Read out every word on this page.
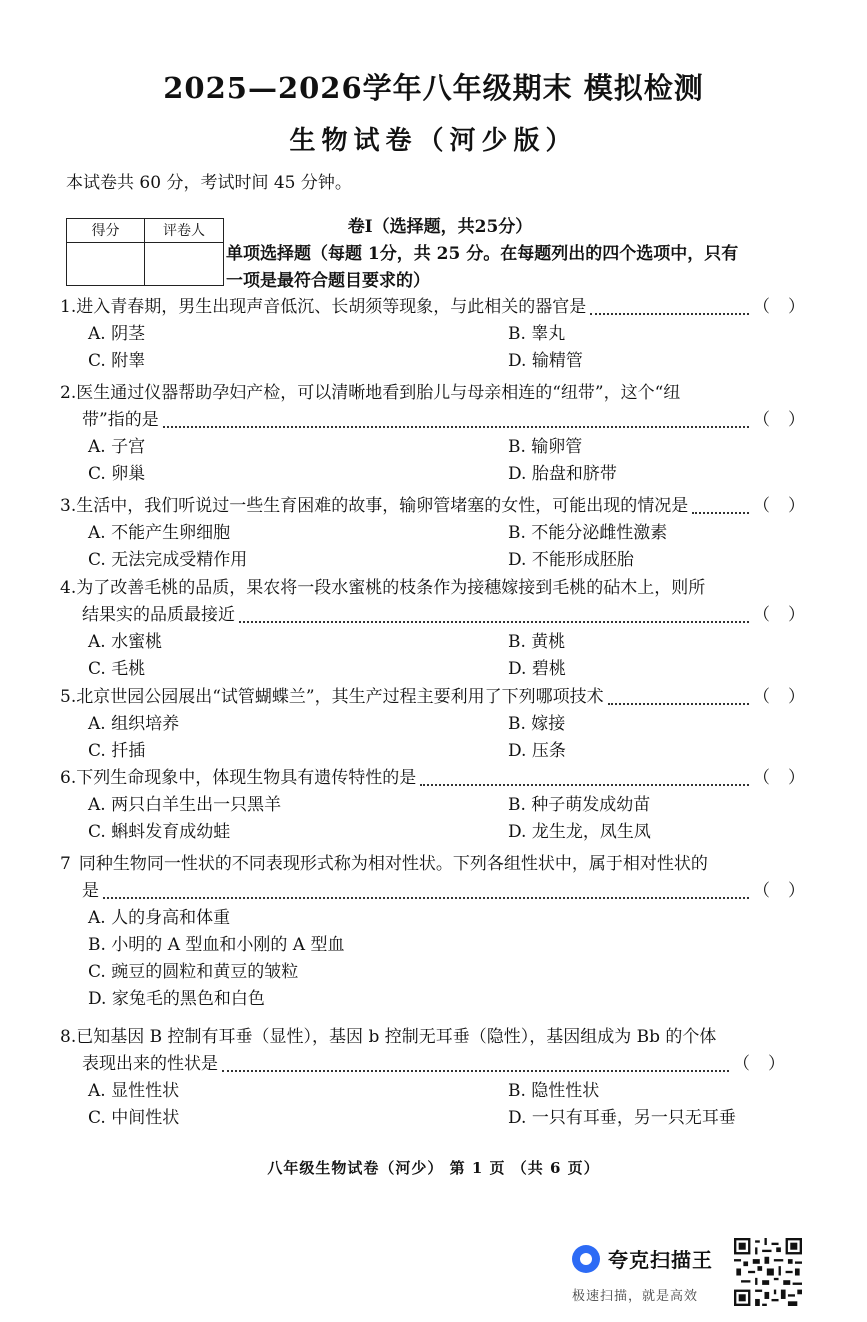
2025—2026学年八年级期末 模拟检测
生物试卷（河少版）
本试卷共 60 分，考试时间 45 分钟。
得分	评卷人	卷Ⅰ（选择题，共25分）
单项选择题（每题 1分，共 25 分。在每题列出的四个选项中，只有
一项是最符合题目要求的）
1. 进入青春期，男生出现声音低沉、长胡须等现象，与此相关的器官是	（ ）
A. 阴茎	B. 睾丸
C. 附睾	D. 输精管
2. 医生通过仪器帮助孕妇产检，可以清晰地看到胎儿与母亲相连的“纽带”，这个“纽
带”指的是	（ ）
A. 子宫	B. 输卵管
C. 卵巢	D. 胎盘和脐带
3. 生活中，我们听说过一些生育困难的故事，输卵管堵塞的女性，可能出现的情况是	（ ）
A. 不能产生卵细胞	B. 不能分泌雌性激素
C. 无法完成受精作用	D. 不能形成胚胎
4. 为了改善毛桃的品质，果农将一段水蜜桃的枝条作为接穗嫁接到毛桃的砧木上，则所
结果实的品质最接近	（ ）
A. 水蜜桃	B. 黄桃
C. 毛桃	D. 碧桃
5. 北京世园公园展出“试管蝴蝶兰”，其生产过程主要利用了下列哪项技术	（ ）
A. 组织培养	B. 嫁接
C. 扦插	D. 压条
6. 下列生命现象中，体现生物具有遗传特性的是	（ ）
A. 两只白羊生出一只黑羊	B. 种子萌发成幼苗
C. 蝌蚪发育成幼蛙	D. 龙生龙，凤生凤
7 同种生物同一性状的不同表现形式称为相对性状。下列各组性状中，属于相对性状的
是	（ ）
A. 人的身高和体重
B. 小明的 A 型血和小刚的 A 型血
C. 豌豆的圆粒和黄豆的皱粒
D. 家兔毛的黑色和白色
8. 已知基因 B 控制有耳垂（显性），基因 b 控制无耳垂（隐性），基因组成为 Bb 的个体
表现出来的性状是	（ ）
A. 显性性状	B. 隐性性状
C. 中间性状	D. 一只有耳垂，另一只无耳垂
八年级生物试卷（河少） 第 1 页 （共 6 页）
夸克扫描王
极速扫描，就是高效
